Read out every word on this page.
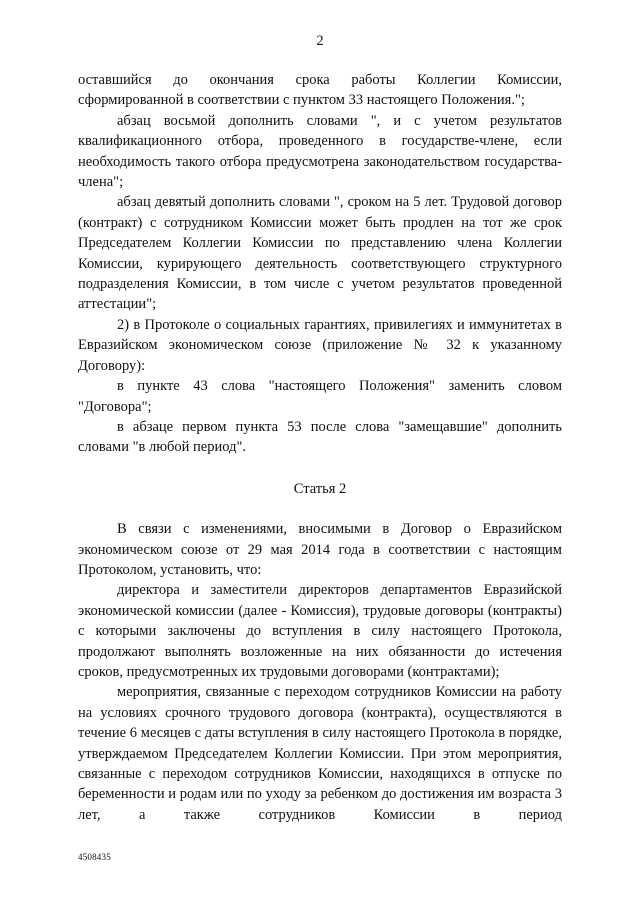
2

оставшийся до окончания срока работы Коллегии Комиссии, сформированной в соответствии с пунктом 33 настоящего Положения.";

абзац восьмой дополнить словами ", и с учетом результатов квалификационного отбора, проведенного в государстве-члене, если необходимость такого отбора предусмотрена законодательством государства-члена";

абзац девятый дополнить словами ", сроком на 5 лет. Трудовой договор (контракт) с сотрудником Комиссии может быть продлен на тот же срок Председателем Коллегии Комиссии по представлению члена Коллегии Комиссии, курирующего деятельность соответствующего структурного подразделения Комиссии, в том числе с учетом результатов проведенной аттестации";

2) в Протоколе о социальных гарантиях, привилегиях и иммунитетах в Евразийском экономическом союзе (приложение № 32 к указанному Договору):

в пункте 43 слова "настоящего Положения" заменить словом "Договора";

в абзаце первом пункта 53 после слова "замещавшие" дополнить словами "в любой период".

Статья 2

В связи с изменениями, вносимыми в Договор о Евразийском экономическом союзе от 29 мая 2014 года в соответствии с настоящим Протоколом, установить, что:

директора и заместители директоров департаментов Евразийской экономической комиссии (далее - Комиссия), трудовые договоры (контракты) с которыми заключены до вступления в силу настоящего Протокола, продолжают выполнять возложенные на них обязанности до истечения сроков, предусмотренных их трудовыми договорами (контрактами);

мероприятия, связанные с переходом сотрудников Комиссии на работу на условиях срочного трудового договора (контракта), осуществляются в течение 6 месяцев с даты вступления в силу настоящего Протокола в порядке, утверждаемом Председателем Коллегии Комиссии. При этом мероприятия, связанные с переходом сотрудников Комиссии, находящихся в отпуске по беременности и родам или по уходу за ребенком до достижения им возраста 3 лет, а также сотрудников Комиссии в период

4508435
